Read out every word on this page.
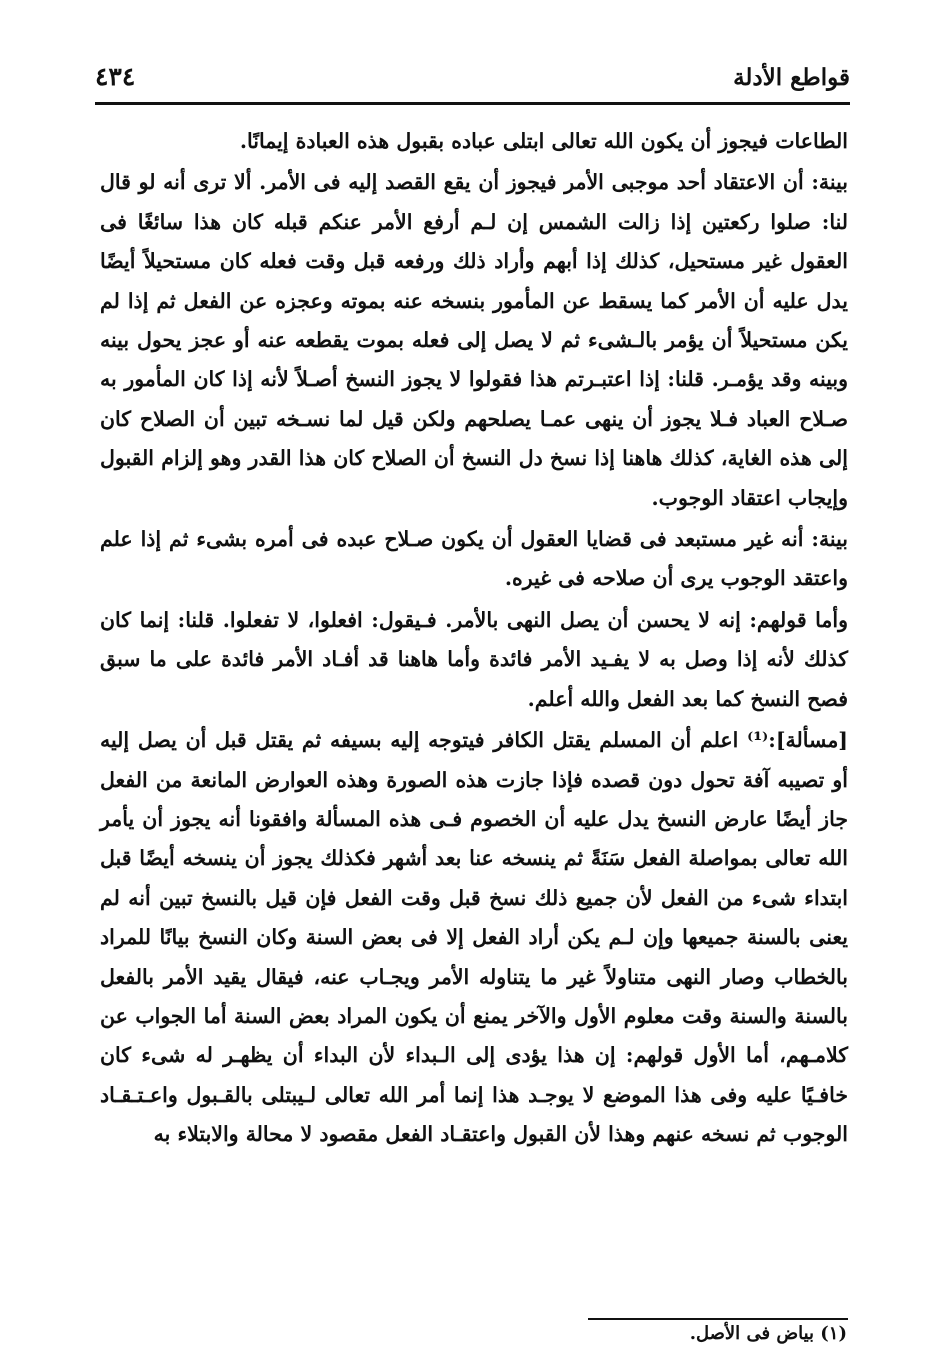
قواطع الأدلة
٤٣٤

الطاعات فيجوز أن يكون الله تعالى ابتلى عباده بقبول هذه العبادة إيمانًا.

بينة: أن الاعتقاد أحد موجبى الأمر فيجوز أن يقع القصد إليه فى الأمر. ألا ترى أنه لو قال لنا: صلوا ركعتين إذا زالت الشمس إن لـم أرفع الأمر عنكم قبله كان هذا سائغًا فى العقول غير مستحيل، كذلك إذا أبهم وأراد ذلك ورفعه قبل وقت فعله كان مستحيلاً أيضًا يدل عليه أن الأمر كما يسقط عن المأمور بنسخه عنه بموته وعجزه عن الفعل ثم إذا لم يكن مستحيلاً أن يؤمر بالـشىء ثم لا يصل إلى فعله بموت يقطعه عنه أو عجز يحول بينه وبينه وقد يؤمـر. قلنا: إذا اعتبـرتم هذا فقولوا لا يجوز النسخ أصـلاً لأنه إذا كان المأمور به صـلاح العباد فـلا يجوز أن ينهى عمـا يصلحهم ولكن قيل لما نسـخه تبين أن الصلاح كان إلى هذه الغاية، كذلك هاهنا إذا نسخ دل النسخ أن الصلاح كان هذا القدر وهو إلزام القبول وإيجاب اعتقاد الوجوب.

بينة: أنه غير مستبعد فى قضايا العقول أن يكون صـلاح عبده فى أمره بشىء ثم إذا علم واعتقد الوجوب يرى أن صلاحه فى غيره.

وأما قولهم: إنه لا يحسن أن يصل النهى بالأمر. فـيقول: افعلوا، لا تفعلوا. قلنا: إنما كان كذلك لأنه إذا وصل به لا يفـيد الأمر فائدة وأما هاهنا قد أفـاد الأمر فائدة على ما سبق فصح النسخ كما بعد الفعل والله أعلم.

[مسألة]:⁽¹⁾ اعلم أن المسلم يقتل الكافر فيتوجه إليه بسيفه ثم يقتل قبل أن يصل إليه أو تصيبه آفة تحول دون قصده فإذا جازت هذه الصورة وهذه العوارض المانعة من الفعل جاز أيضًا عارض النسخ يدل عليه أن الخصوم فـى هذه المسألة وافقونا أنه يجوز أن يأمر الله تعالى بمواصلة الفعل سَنَةً ثم ينسخه عنا بعد أشهر فكذلك يجوز أن ينسخه أيضًا قبل ابتداء شىء من الفعل لأن جميع ذلك نسخ قبل وقت الفعل فإن قيل بالنسخ تبين أنه لم يعنى بالسنة جميعها وإن لـم يكن أراد الفعل إلا فى بعض السنة وكان النسخ بيانًا للمراد بالخطاب وصار النهى متناولاً غير ما يتناوله الأمر ويجـاب عنه، فيقال يقيد الأمر بالفعل بالسنة والسنة وقت معلوم الأول والآخر يمنع أن يكون المراد بعض السنة أما الجواب عن كلامـهم، أما الأول قولهم: إن هذا يؤدى إلى الـبداء لأن البداء أن يظهـر له شىء كان خافـيًا عليه وفى هذا الموضع لا يوجـد هذا إنما أمر الله تعالى لـيبتلى بالقـبول واعـتـقـاد الوجوب ثم نسخه عنهم وهذا لأن القبول واعتقـاد الفعل مقصود لا محالة والابتلاء به

(١) بياض فى الأصل.
